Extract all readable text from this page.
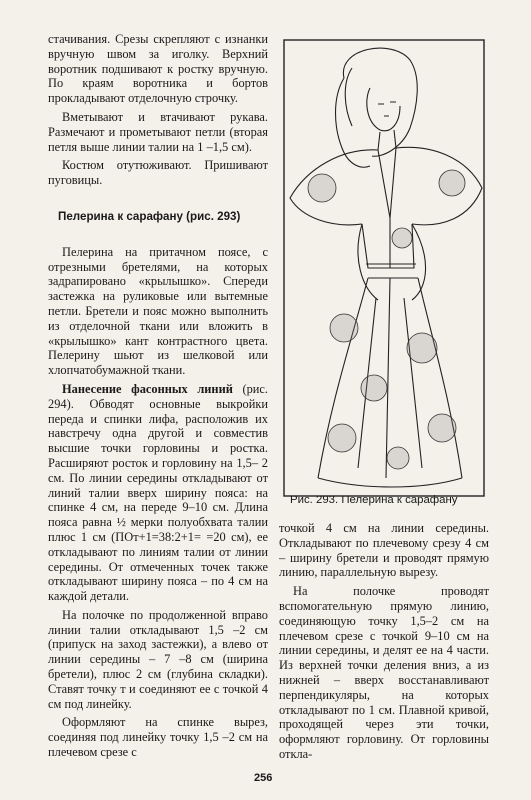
стачивания. Срезы скрепляют с изнанки вручную швом за иголку. Верхний воротник подшивают к ростку вручную. По краям воротника и бортов прокладывают отделочную строчку.

Вметывают и втачивают рукава. Размечают и прометывают петли (вторая петля выше линии талии на 1 –1,5 см).

Костюм отутюживают. Пришивают пуговицы.

Пелерина к сарафану (рис. 293)

Пелерина на притачном поясе, с отрезными бретелями, на которых задрапировано «крылышко». Спереди застежка на руликовые или вытемные петли. Бретели и пояс можно выполнить из отделочной ткани или вложить в «крылышко» кант контрастного цвета. Пелерину шьют из шелковой или хлопчатобумажной ткани.

Нанесение фасонных линий (рис. 294). Обводят основные выкройки переда и спинки лифа, расположив их навстречу одна другой и совместив высшие точки горловины и ростка. Расширяют росток и горловину на 1,5– 2 см. По линии середины откладывают от линий талии вверх ширину пояса: на спинке 4 см, на переде 9–10 см. Длина пояса равна ½ мерки полуобхвата талии плюс 1 см (ПОт+1=38:2+1= =20 см), ее откладывают по линиям талии от линии середины. От отмеченных точек также откладывают ширину пояса – по 4 см на каждой детали.

На полочке по продолженной вправо линии талии откладывают 1,5 –2 см (припуск на заход застежки), а влево от линии середины – 7 –8 см (ширина бретели), плюс 2 см (глубина складки). Ставят точку т и соединяют ее с точкой 4 см под линейку.

Оформляют на спинке вырез, соединяя под линейку точку 1,5 –2 см на плечевом срезе с

Рис. 293. Пелерина к сарафану

точкой 4 см на линии середины. Откладывают по плечевому срезу 4 см – ширину бретели и проводят прямую линию, параллельную вырезу.

На полочке проводят вспомогательную прямую линию, соединяющую точку 1,5–2 см на плечевом срезе с точкой 9–10 см на линии середины, и делят ее на 4 части. Из верхней точки деления вниз, а из нижней – вверх восстанавливают перпендикуляры, на которых откладывают по 1 см. Плавной кривой, проходящей через эти точки, оформляют горловину. От горловины откла-

256
